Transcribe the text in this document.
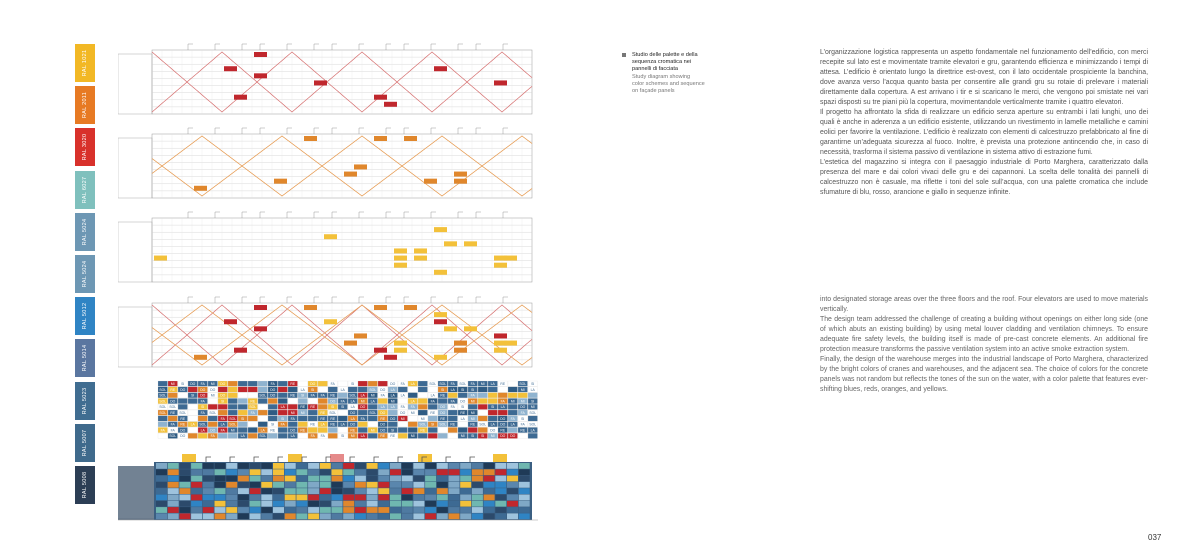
RAL 1021
RAL 2011
RAL 3020
RAL 6027
RAL 5024
RAL 5024
RAL 5012
RAL 5014
RAL 5023
RAL 5007
RAL 5008
MI SI DO FA MI DO	FA	RE	DO	FA	SI	DO FA LA	SOL SOL FA SOL FA MI LA RE	SOL SI
SOL RE DO	DO DO	DO	LA SI	LA	SOL DO LA	SI LA SI SI	MI LA
SOL	SI DO MI DO	SOL DO	RE SI FA FA RE	SOL LA MI FA LA LA	LA RE	FA
SOL DO	FA	SI	RE	DO FA LA MI LA	MI	LA	FA	FA DO MI	FA MI MI SI
SOL SOL	SI	SOL	LA	RE RE	SI SI LA DO	LA LA FA FA	DO FA SI	SI LA	DO MI
SOL RE SOL	FA SOL	FA	MI MI	RE SOL	DO	SOL DO	DO MI	RE DO	RE MI	FA SOL
RE	FA SOL SI	SI FA	RE RE	LA FA	RE DO MI	MI	RE	LA MI	DO FA SI
FA RE LA SOL	LA SOL	SI FA	RE LA RE LA DO	DO	SOL SI SOL RE	RE SOL LA DO LA FA SOL
FA FA DO	LA DO FA MI	LA RE	DO RE	RE	MI DO SI	RE	DO RE	RE LA
SOL DO	FA	LA	SOL	LA	FA FA	SI MI LA	RE RE	MI	MI SI SI MI DO DO
Studio delle palette e della
sequenza cromatica nei
pannelli di facciata
Study diagram showing
color schemes and sequence
on façade panels

L’organizzazione logistica rappresenta un aspetto fondamentale nel funzionamento dell’edificio, con merci recepite sul lato est e movimentate tramite elevatori e gru, garantendo efficienza e minimizzando i tempi di attesa. L’edificio è orientato lungo la direttrice est-ovest, con il lato occidentale prospiciente la banchina, dove avanza verso l’acqua quanto basta per consentire alle grandi gru su rotaie di prelevare i materiali direttamente dalla copertura. A est arrivano i tir e si scaricano le merci, che vengono poi smistate nei vari spazi disposti su tre piani più la copertura, movimentandole verticalmente tramite i quattro elevatori.

Il progetto ha affrontato la sfida di realizzare un edificio senza aperture su entrambi i lati lunghi, uno dei quali è anche in aderenza a un edificio esistente, utilizzando un rivestimento in lamelle metalliche e camini eolici per favorire la ventilazione. L’edificio è realizzato con elementi di calcestruzzo prefabbricato al fine di garantirne un’adeguata sicurezza al fuoco. Inoltre, è prevista una protezione antincendio che, in caso di necessità, trasforma il sistema passivo di ventilazione in sistema attivo di estrazione fumi.

L’estetica del magazzino si integra con il paesaggio industriale di Porto Marghera, caratterizzato dalla presenza del mare e dai colori vivaci delle gru e dei capannoni. La scelta delle tonalità dei pannelli di calcestruzzo non è casuale, ma riflette i toni del sole sull’acqua, con una palette cromatica che include sfumature di blu, rosso, arancione e giallo in sequenze infinite.

into designated storage areas over the three floors and the roof. Four elevators are used to move materials vertically.

The design team addressed the challenge of creating a building without openings on either long side (one of which abuts an existing building) by using metal louver cladding and ventilation chimneys. To ensure adequate fire safety levels, the building itself is made of pre-cast concrete elements. An additional fire protection measure transforms the passive ventilation system into an active smoke extraction system.

Finally, the design of the warehouse merges into the industrial landscape of Porto Marghera, characterized by the bright colors of cranes and warehouses, and the adjacent sea. The choice of colors for the concrete panels was not random but reflects the tones of the sun on the water, with a color palette that features ever-shifting blues, reds, oranges, and yellows.

037
